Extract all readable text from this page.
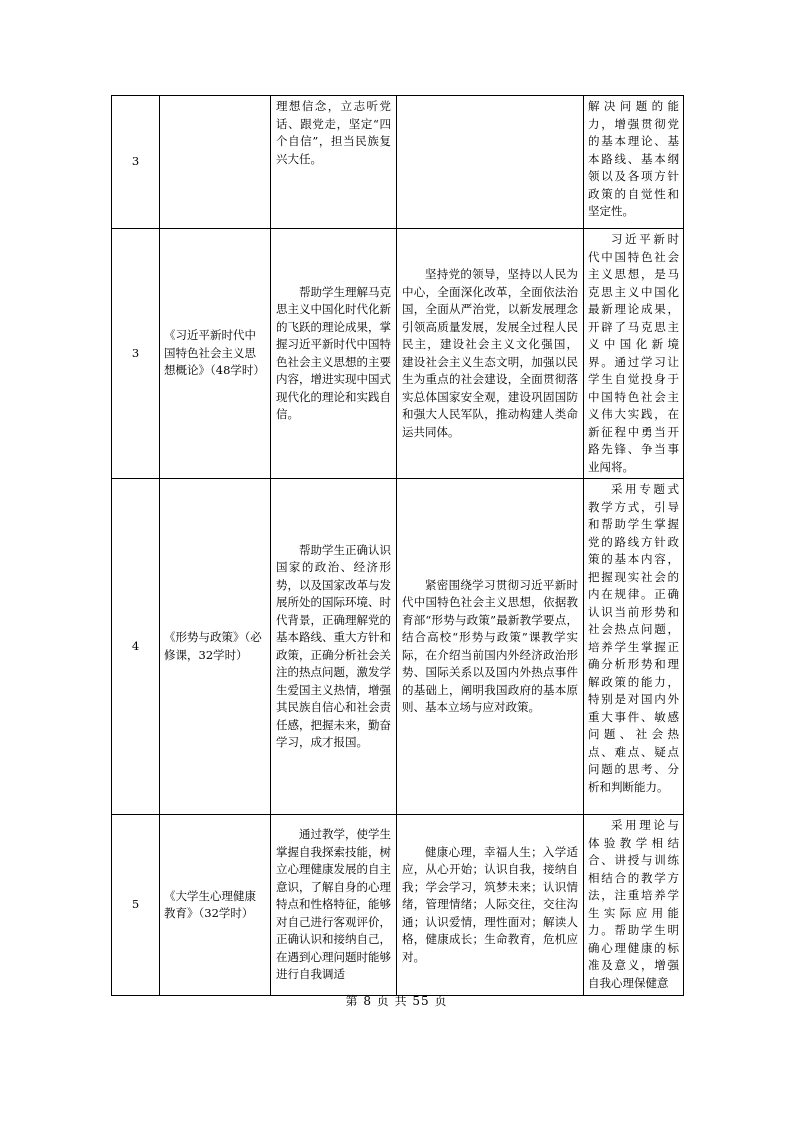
3		理想信念，立志听党话、跟党走，坚定“四个自信”，担当民族复兴大任。		解决问题的能力，增强贯彻党的基本理论、基本路线、基本纲领以及各项方针政策的自觉性和坚定性。
3	《习近平新时代中国特色社会主义思想概论》（48学时）	帮助学生理解马克思主义中国化时代化新的飞跃的理论成果，掌握习近平新时代中国特色社会主义思想的主要内容，增进实现中国式现代化的理论和实践自信。	坚持党的领导，坚持以人民为中心，全面深化改革，全面依法治国，全面从严治党，以新发展理念引领高质量发展，发展全过程人民民主，建设社会主义文化强国， 建设社会主义生态文明，加强以民生为重点的社会建设，全面贯彻落实总体国家安全观，建设巩固国防和强大人民军队，推动构建人类命运共同体。	习近平新时代中国特色社会主义思想，是马克思主义中国化最新理论成果，开辟了马克思主义中国化新境界。通过学习让学生自觉投身于中国特色社会主义伟大实践，在新征程中勇当开路先锋、争当事业闯将。
4	《形势与政策》（必修课，32学时）	帮助学生正确认识国家的政治、经济形势，以及国家改革与发展所处的国际环境、时代背景，正确理解党的基本路线、重大方针和政策，正确分析社会关注的热点问题，激发学生爱国主义热情，增强其民族自信心和社会责任感，把握未来，勤奋学习，成才报国。	紧密围绕学习贯彻习近平新时代中国特色社会主义思想，依据教育部“形势与政策”最新教学要点，结合高校“形势与政策”课教学实际，在介绍当前国内外经济政治形势、国际关系以及国内外热点事件的基础上，阐明我国政府的基本原则、基本立场与应对政策。	采用专题式教学方式，引导和帮助学生掌握党的路线方针政策的基本内容，把握现实社会的内在规律。正确认识当前形势和社会热点问题，培养学生掌握正确分析形势和理解政策的能力，特别是对国内外重大事件、敏感问题、社会热点、难点、疑点问题的思考、分析和判断能力。
5	《大学生心理健康教育》（32学时）	通过教学，使学生掌握自我探索技能，树立心理健康发展的自主意识，了解自身的心理特点和性格特征，能够对自己进行客观评价，正确认识和接纳自己，在遇到心理问题时能够进行自我调适	健康心理，幸福人生；入学适应，从心开始；认识自我，接纳自我；学会学习，筑梦未来；认识情绪，管理情绪；人际交往，交往沟通；认识爱情，理性面对；解读人格，健康成长；生命教育，危机应对。	采用理论与体验教学相结合、讲授与训练相结合的教学方法，注重培养学生实际应用能力。帮助学生明确心理健康的标准及意义，增强自我心理保健意
第 8 页 共 55 页
